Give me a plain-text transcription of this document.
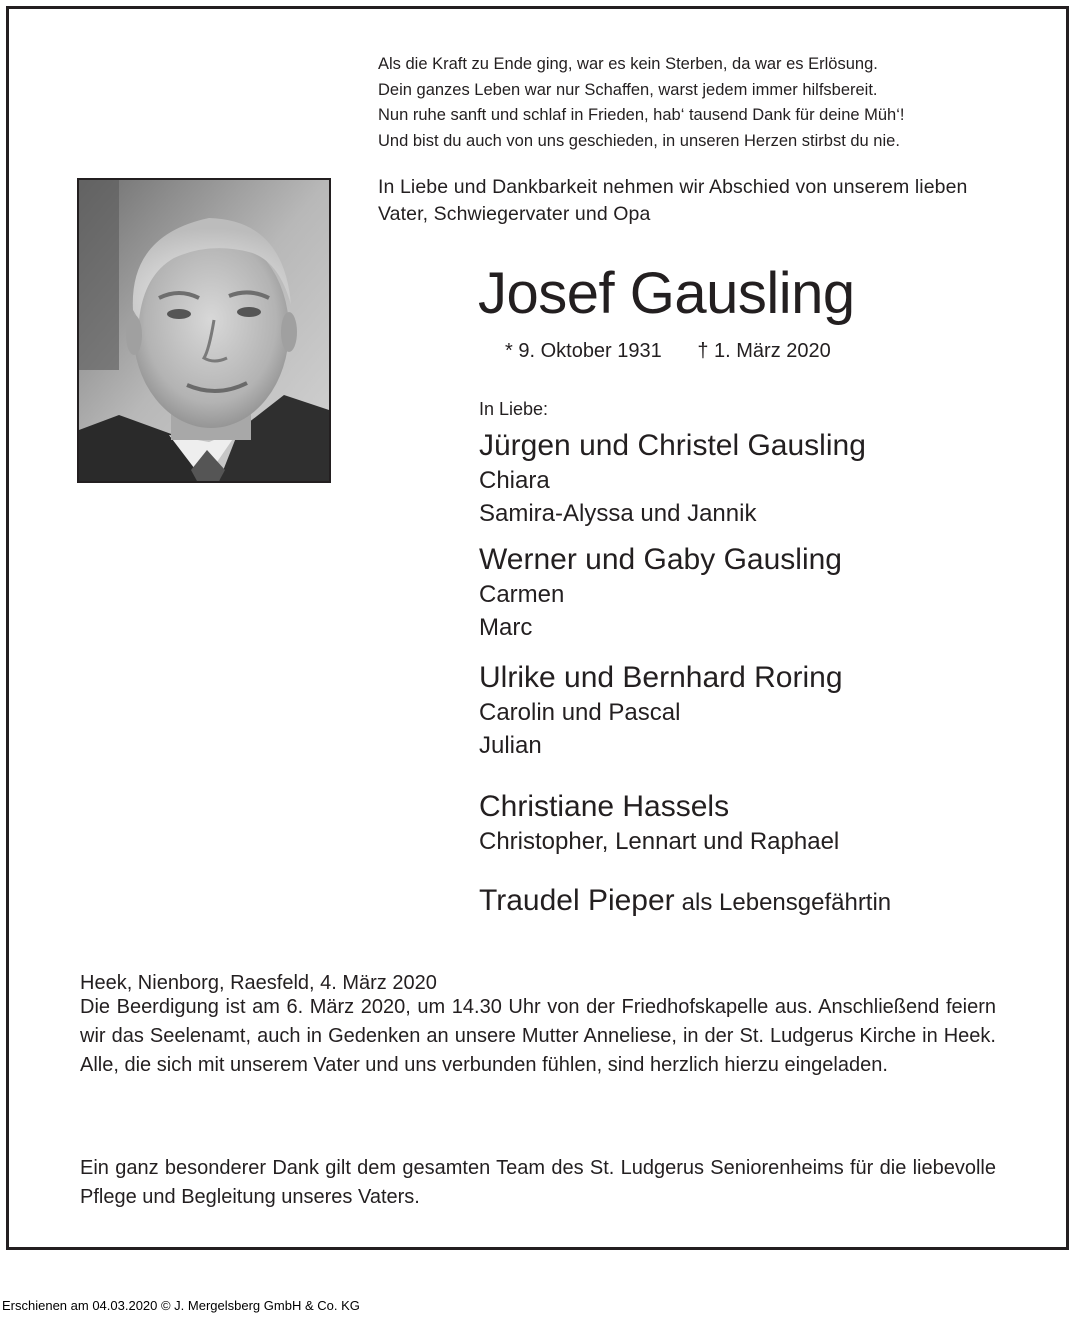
Als die Kraft zu Ende ging, war es kein Sterben, da war es Erlösung.
Dein ganzes Leben war nur Schaffen, warst jedem immer hilfsbereit.
Nun ruhe sanft und schlaf in Frieden, hab‘ tausend Dank für deine Müh‘!
Und bist du auch von uns geschieden, in unseren Herzen stirbst du nie.
In Liebe und Dankbarkeit nehmen wir Abschied von unserem lieben Vater, Schwiegervater und Opa
Josef Gausling
* 9. Oktober 1931 † 1. März 2020
In Liebe:
Jürgen und Christel Gausling
Chiara
Samira-Alyssa und Jannik
Werner und Gaby Gausling
Carmen
Marc
Ulrike und Bernhard Roring
Carolin und Pascal
Julian
Christiane Hassels
Christopher, Lennart und Raphael
Traudel Pieper als Lebensgefährtin
Heek, Nienborg, Raesfeld, 4. März 2020
Die Beerdigung ist am 6. März 2020, um 14.30 Uhr von der Friedhofskapelle aus. Anschließend feiern wir das Seelenamt, auch in Gedenken an unsere Mutter Anneliese, in der St. Ludgerus Kirche in Heek. Alle, die sich mit unserem Vater und uns verbunden fühlen, sind herzlich hierzu eingeladen.
Ein ganz besonderer Dank gilt dem gesamten Team des St. Ludgerus Seniorenheims für die liebevolle Pflege und Begleitung unseres Vaters.
Erschienen am 04.03.2020 © J. Mergelsberg GmbH & Co. KG
